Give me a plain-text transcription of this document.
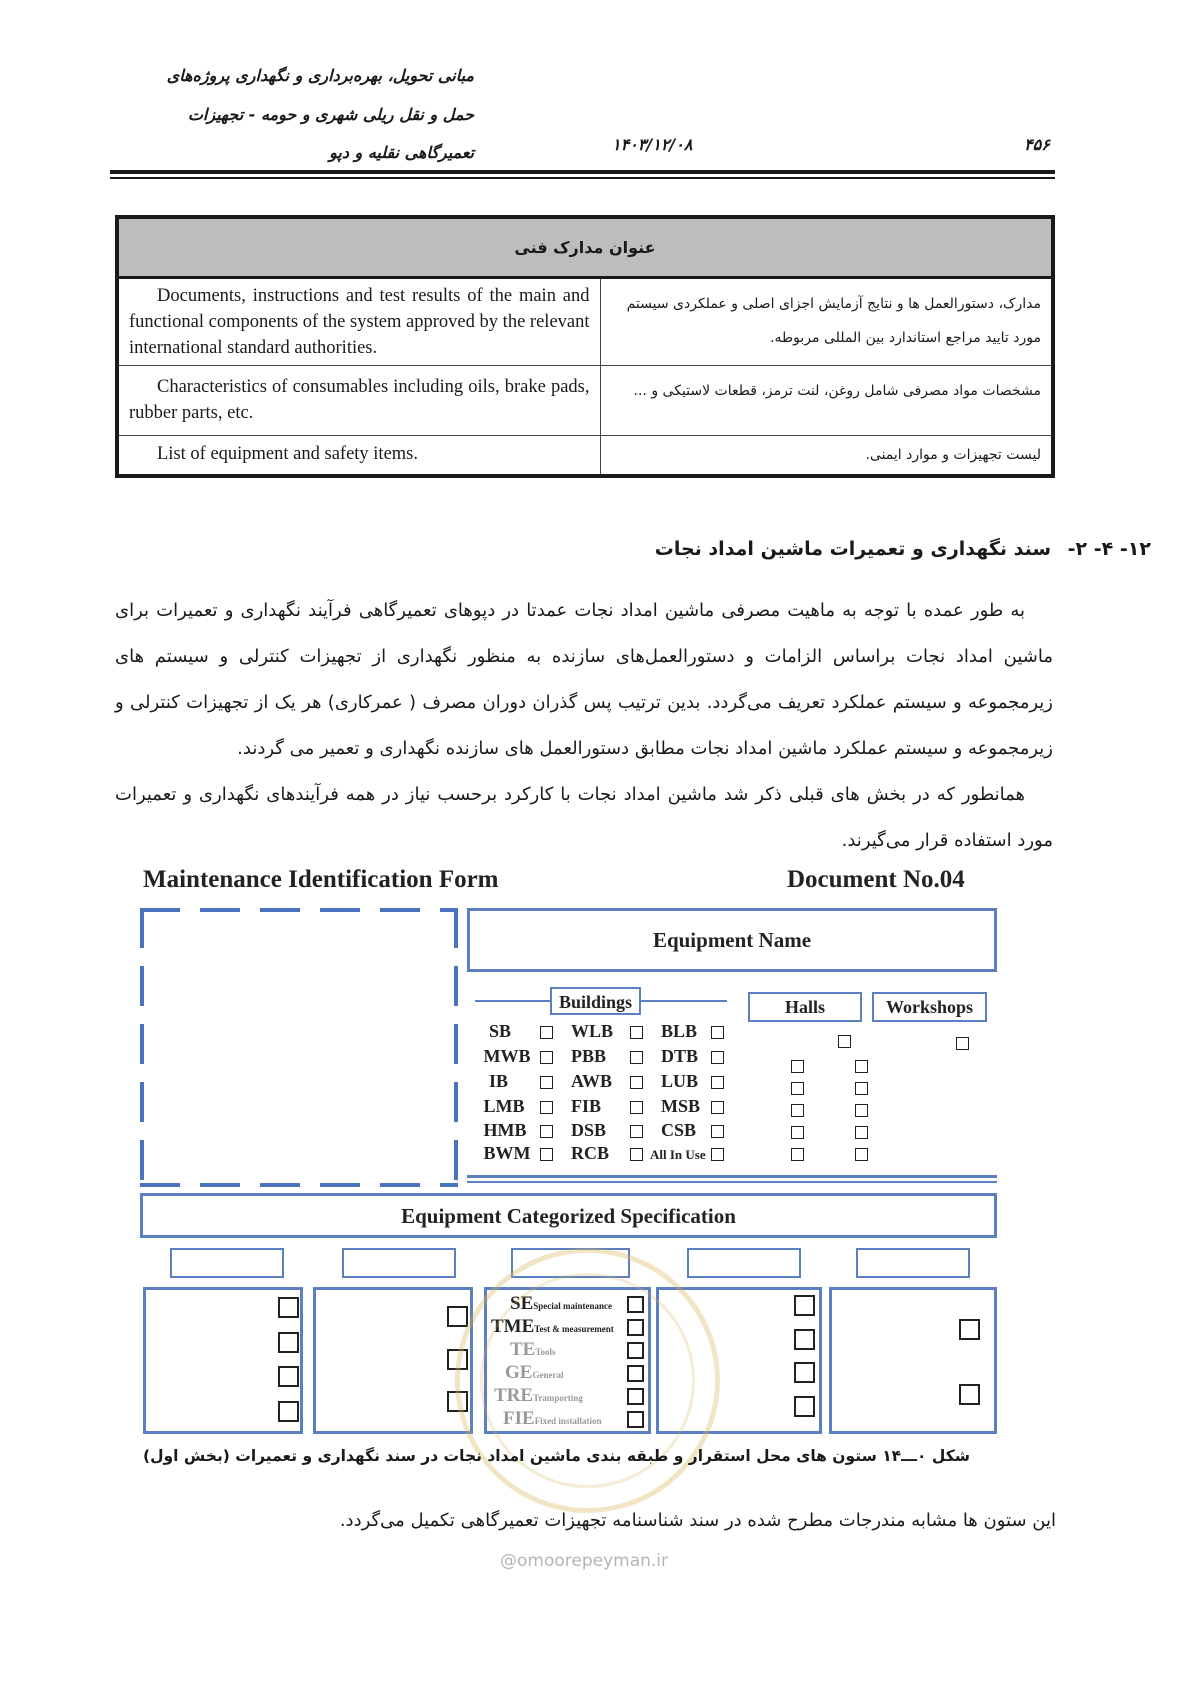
مبانی تحویل، بهره‌برداری و نگهداری پروژه‌های
حمل و نقل ریلی شهری و حومه - تجهیزات
تعمیرگاهی نقلیه و دپو	۱۴۰۳/۱۲/۰۸	۴۵۶
عنوان مدارک فنی	
Documents, instructions and test results of the main and functional components of the system approved by the relevant international standard authorities.	مدارک، دستورالعمل ها و نتایج آزمایش اجزای اصلی و عملکردی سیستم مورد تایید مراجع استاندارد بین المللی مربوطه.
Characteristics of consumables including oils, brake pads, rubber parts, etc.	مشخصات مواد مصرفی شامل روغن، لنت ترمز، قطعات لاستیکی و ...
List of equipment and safety items.	لیست تجهیزات و موارد ایمنی.
۱۲- ۴- ۲- سند نگهداری و تعمیرات ماشین امداد نجات
به طور عمده با توجه به ماهیت مصرفی ماشین امداد نجات عمدتا در دپوهای تعمیرگاهی فرآیند نگهداری و تعمیرات برای ماشین امداد نجات براساس الزامات و دستورالعمل‌های سازنده به منظور نگهداری از تجهیزات کنترلی و سیستم های زیرمجموعه و سیستم عملکرد تعریف می‌گردد. بدین ترتیب پس گذران دوران مصرف ( عمرکاری) هر یک از تجهیزات کنترلی و زیرمجموعه و سیستم عملکرد ماشین امداد نجات مطابق دستورالعمل های سازنده نگهداری و تعمیر می گردند.
همانطور که در بخش های قبلی ذکر شد ماشین امداد نجات با کارکرد برحسب نیاز در همه فرآیندهای نگهداری و تعمیرات مورد استفاده قرار می‌گیرند.
Maintenance Identification Form	Document No.04
Equipment Name
Buildings	Halls	Workshops
SB	WLB	BLB
MWB PBB	DTB
IB	AWB	LUB
LMB	FIB	MSB
HMB DSB	CSB
BWM RCB	All In Use
Equipment Categorized Specification
SESpecial maintenance
TMETest & measurement
TETools
GEGeneral
TRETramporting
FIEFixed installation
شکل ۰ـــ۱۴ ستون های محل استقرار و طبقه بندی ماشین امداد نجات در سند نگهداری و تعمیرات (بخش اول)
این ستون ها مشابه مندرجات مطرح شده در سند شناسنامه تجهیزات تعمیرگاهی تکمیل می‌گردد.
@omoorepeyman.ir
